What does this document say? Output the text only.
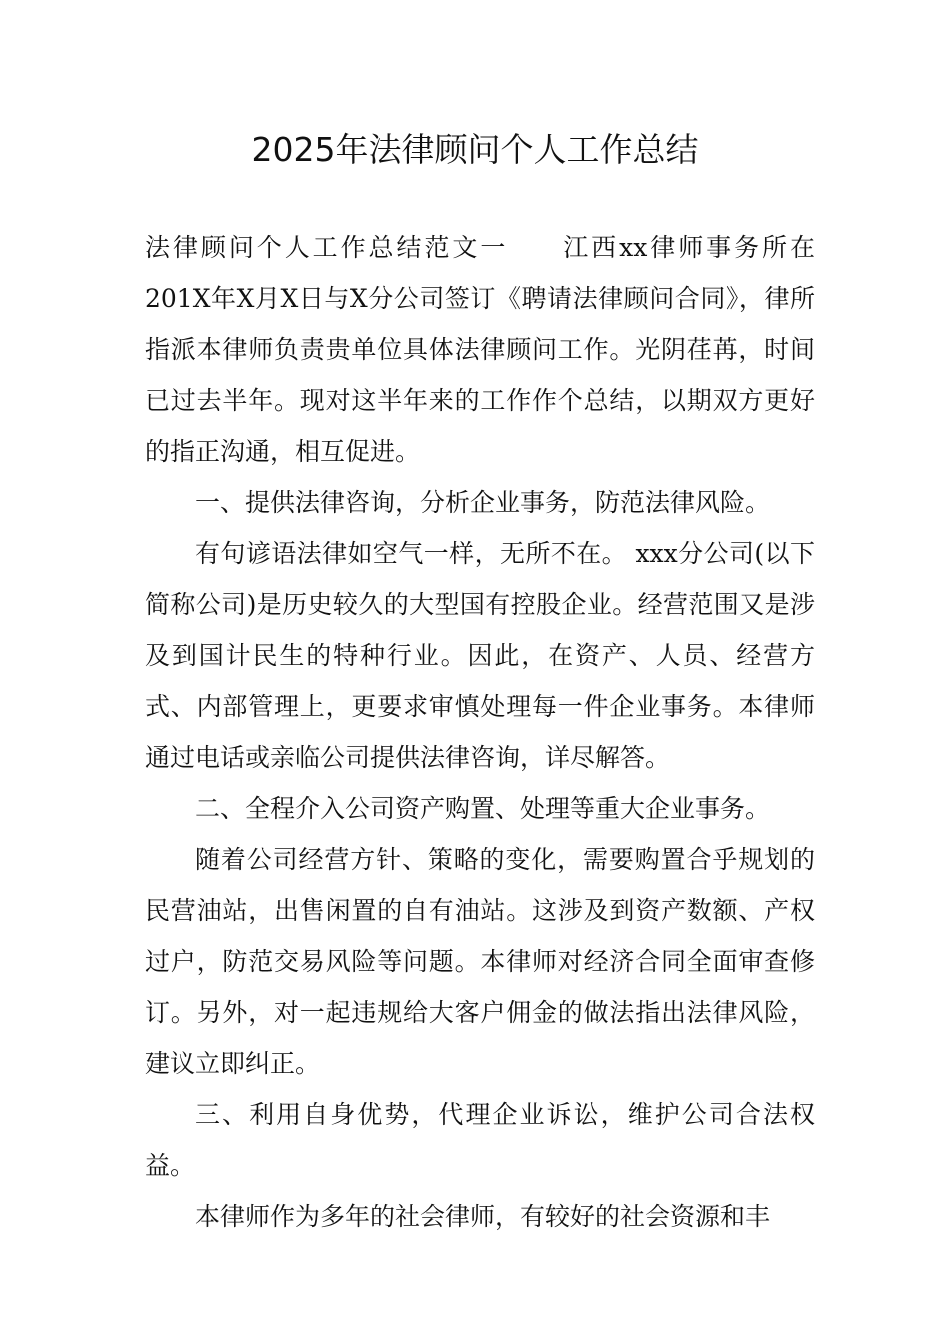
2025年法律顾问个人工作总结

法律顾问个人工作总结范文一 江西xx律师事务所在201X年X月X日与X分公司签订《聘请法律顾问合同》，律所指派本律师负责贵单位具体法律顾问工作。光阴荏苒，时间已过去半年。现对这半年来的工作作个总结，以期双方更好的指正沟通，相互促进。

一、提供法律咨询，分析企业事务，防范法律风险。

有句谚语法律如空气一样，无所不在。 xxx分公司(以下简称公司)是历史较久的大型国有控股企业。经营范围又是涉及到国计民生的特种行业。因此，在资产、人员、经营方式、内部管理上，更要求审慎处理每一件企业事务。本律师通过电话或亲临公司提供法律咨询，详尽解答。

二、全程介入公司资产购置、处理等重大企业事务。

随着公司经营方针、策略的变化，需要购置合乎规划的民营油站，出售闲置的自有油站。这涉及到资产数额、产权过户，防范交易风险等问题。本律师对经济合同全面审查修订。另外，对一起违规给大客户佣金的做法指出法律风险，建议立即纠正。

三、利用自身优势，代理企业诉讼，维护公司合法权益。

本律师作为多年的社会律师，有较好的社会资源和丰
